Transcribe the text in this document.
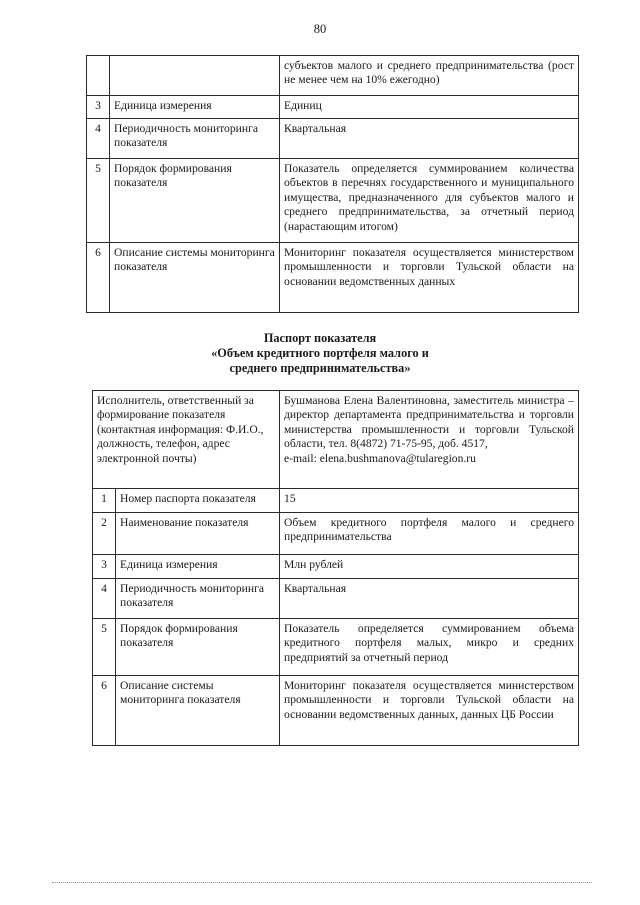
80
		субъектов малого и среднего предпринимательства (рост не менее чем на 10% ежегодно)
3	Единица измерения	Единиц
4	Периодичность мониторинга показателя	Квартальная
5	Порядок формирования показателя	Показатель определяется суммированием количества объектов в перечнях государственного и муниципального имущества, предназначенного для субъектов малого и среднего предпринимательства, за отчетный период (нарастающим итогом)
6	Описание системы мониторинга показателя	Мониторинг показателя осуществляется министерством промышленности и торговли Тульской области на основании ведомственных данных
Паспорт показателя
«Объем кредитного портфеля малого и
среднего предпринимательства»
Исполнитель, ответственный за формирование показателя (контактная информация: Ф.И.О., должность, телефон, адрес электронной почты)		Бушманова Елена Валентиновна, заместитель министра – директор департамента предпринимательства и торговли министерства промышленности и торговли Тульской области, тел. 8(4872) 71-75-95, доб. 4517,
e-mail: elena.bushmanova@tularegion.ru

1	Номер паспорта показателя	15
2	Наименование показателя	Объем кредитного портфеля малого и среднего предпринимательства
3	Единица измерения	Млн рублей
4	Периодичность мониторинга показателя	Квартальная
5	Порядок формирования показателя	Показатель определяется суммированием объема кредитного портфеля малых, микро и средних предприятий за отчетный период
6	Описание системы мониторинга показателя	Мониторинг показателя осуществляется министерством промышленности и торговли Тульской области на основании ведомственных данных, данных ЦБ России
